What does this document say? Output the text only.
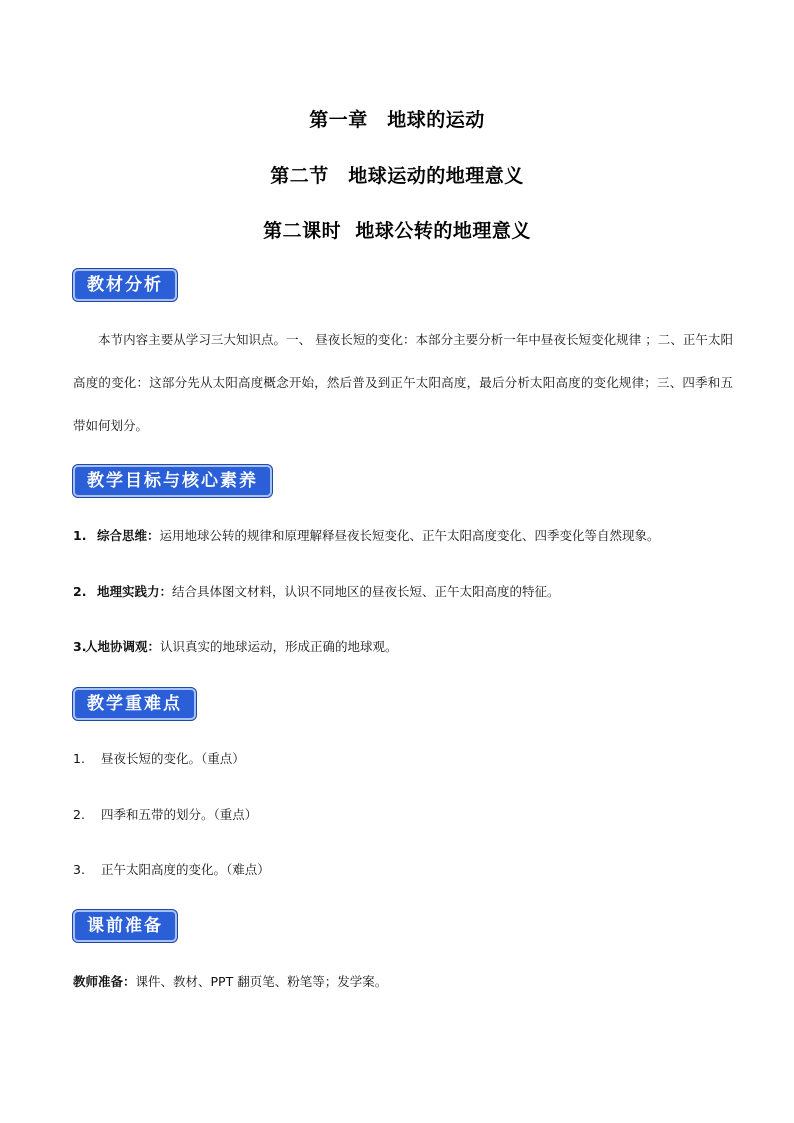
第一章　地球的运动
第二节　地球运动的地理意义
第二课时  地球公转的地理意义
教材分析
本节内容主要从学习三大知识点。一、 昼夜长短的变化：本部分主要分析一年中昼夜长短变化规律 ；二、正午太阳高度的变化：这部分先从太阳高度概念开始，然后普及到正午太阳高度，最后分析太阳高度的变化规律；三、四季和五带如何划分。
教学目标与核心素养
1. 综合思维：运用地球公转的规律和原理解释昼夜长短变化、正午太阳高度变化、四季变化等自然现象。
2. 地理实践力：结合具体图文材料，认识不同地区的昼夜长短、正午太阳高度的特征。
3.人地协调观：认识真实的地球运动，形成正确的地球观。
教学重难点
1. 昼夜长短的变化。（重点）
2. 四季和五带的划分。（重点）
3. 正午太阳高度的变化。（难点）
课前准备
教师准备：课件、教材、PPT 翻页笔、粉笔等；发学案。
